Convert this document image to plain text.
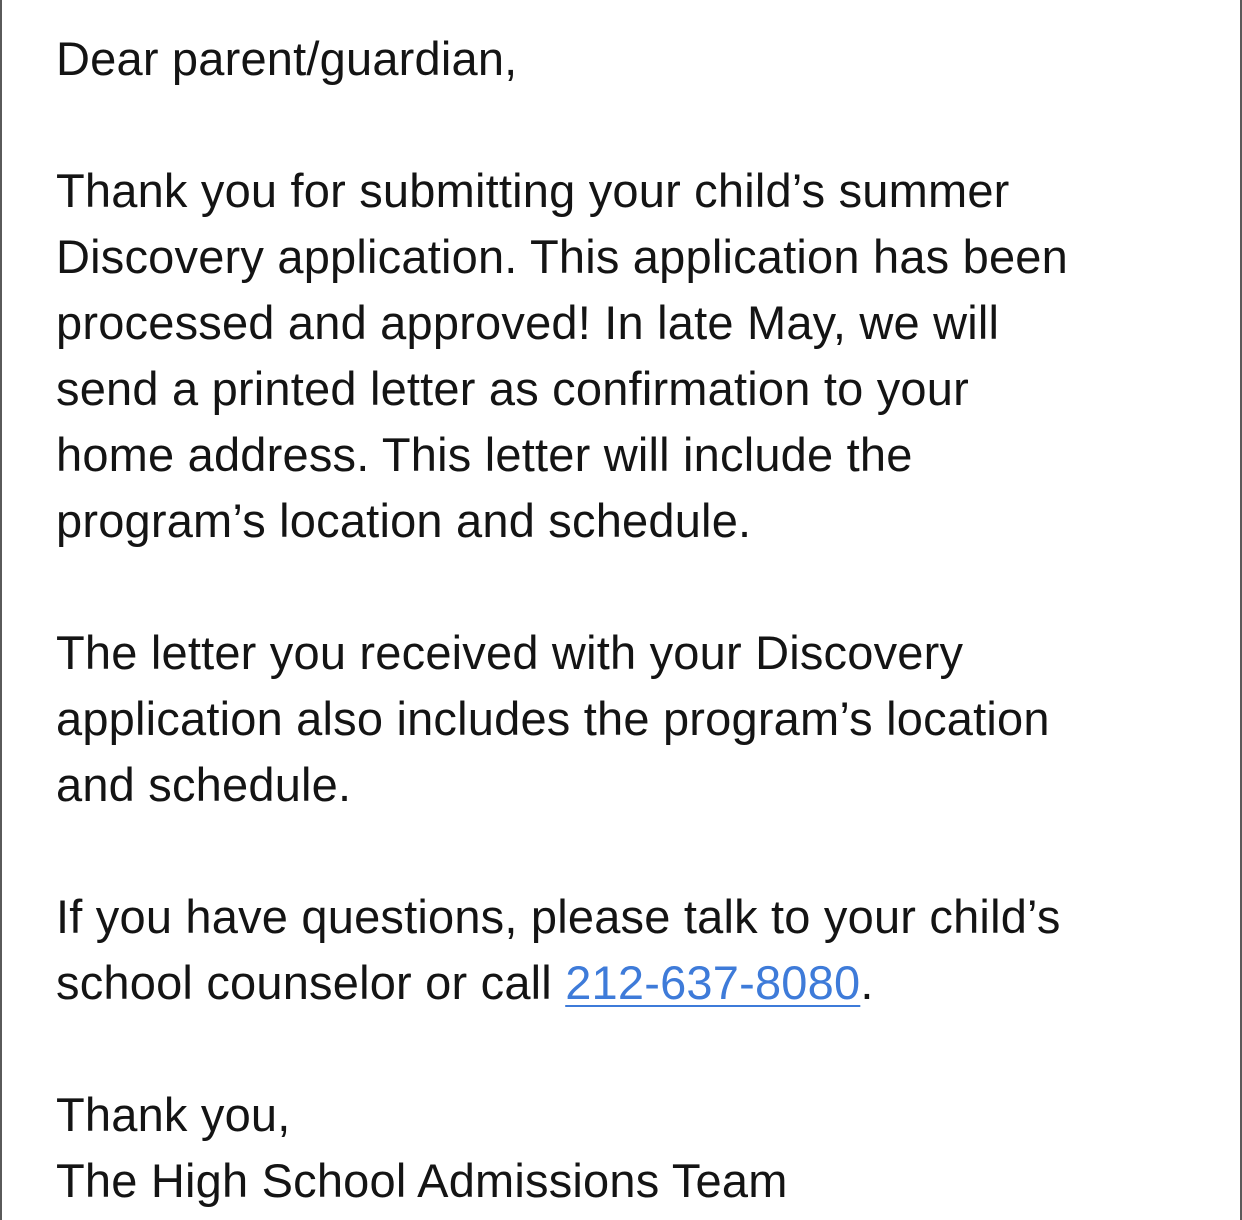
Dear parent/guardian,

Thank you for submitting your child’s summer

Discovery application. This application has been

processed and approved! In late May, we will

send a printed letter as confirmation to your

home address. This letter will include the

program’s location and schedule.

The letter you received with your Discovery

application also includes the program’s location

and schedule.

If you have questions, please talk to your child’s

school counselor or call 212-637-8080.

Thank you,

The High School Admissions Team
